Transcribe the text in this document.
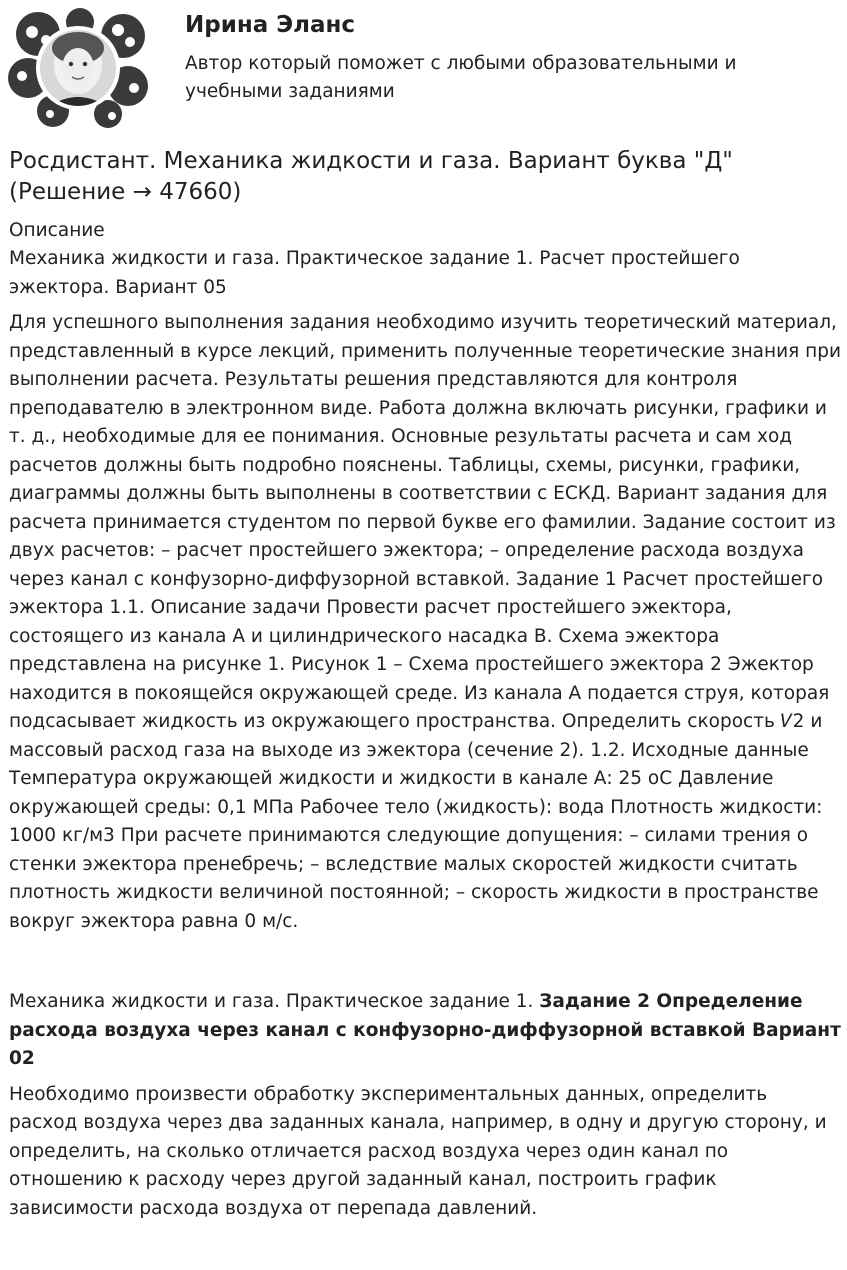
Ирина Эланс
Автор который поможет с любыми образовательными и учебными заданиями
Росдистант. Механика жидкости и газа. Вариант буква "Д" (Решение → 47660)
Описание

Механика жидкости и газа. Практическое задание 1. Расчет простейшего эжектора. Вариант 05

Для успешного выполнения задания необходимо изучить теоретический материал, представленный в курсе лекций, применить полученные теоретические знания при выполнении расчета. Результаты решения представляются для контроля преподавателю в электронном виде. Работа должна включать рисунки, графики и т. д., необходимые для ее понимания. Основные результаты расчета и сам ход расчетов должны быть подробно пояснены. Таблицы, схемы, рисунки, графики, диаграммы должны быть выполнены в соответствии с ЕСКД. Вариант задания для расчета принимается студентом по первой букве его фамилии. Задание состоит из двух расчетов: – расчет простейшего эжектора; – определение расхода воздуха через канал с конфузорно-диффузорной вставкой. Задание 1 Расчет простейшего эжектора 1.1. Описание задачи Провести расчет простейшего эжектора, состоящего из канала А и цилиндрического насадка В. Схема эжектора представлена на рисунке 1. Рисунок 1 – Схема простейшего эжектора 2 Эжектор находится в покоящейся окружающей среде. Из канала А подается струя, которая подсасывает жидкость из окружающего пространства. Определить скорость 𝑉2 и массовый расход газа на выходе из эжектора (сечение 2). 1.2. Исходные данные Температура окружающей жидкости и жидкости в канале А: 25 оС Давление окружающей среды: 0,1 МПа Рабочее тело (жидкость): вода Плотность жидкости: 1000 кг/м3 При расчете принимаются следующие допущения: – силами трения о стенки эжектора пренебречь; – вследствие малых скоростей жидкости считать плотность жидкости величиной постоянной; – скорость жидкости в пространстве вокруг эжектора равна 0 м/с.

Механика жидкости и газа. Практическое задание 1. Задание 2 Определение расхода воздуха через канал с конфузорно-диффузорной вставкой Вариант 02

Необходимо произвести обработку экспериментальных данных, определить расход воздуха через два заданных канала, например, в одну и другую сторону, и определить, на сколько отличается расход воздуха через один канал по отношению к расходу через другой заданный канал, построить график зависимости расхода воздуха от перепада давлений.
